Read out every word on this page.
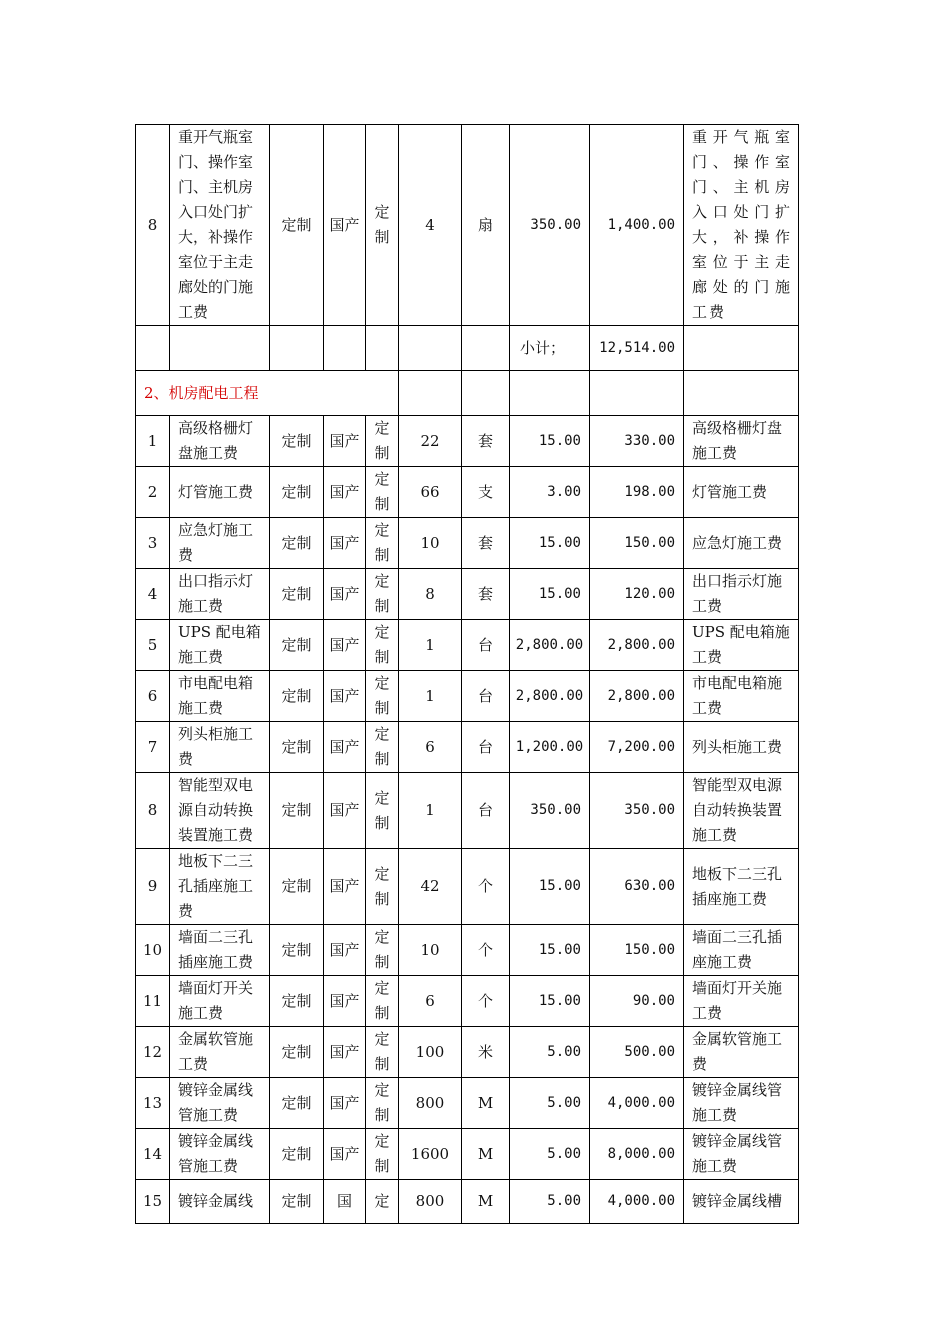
8	重开气瓶室门、操作室门、主机房入口处门扩大，补操作室位于主走廊处的门施工费	定制	国产	定制	4	扇	350.00	1,400.00	重开气瓶室门、操作室门、主机房入口处门扩大，补操作室位于主走廊处的门施工费
							小计；	12,514.00	
2、机房配电工程									
1	高级格栅灯盘施工费	定制	国产	定制	22	套	15.00	330.00	高级格栅灯盘施工费
2	灯管施工费	定制	国产	定制	66	支	3.00	198.00	灯管施工费
3	应急灯施工费	定制	国产	定制	10	套	15.00	150.00	应急灯施工费
4	出口指示灯施工费	定制	国产	定制	8	套	15.00	120.00	出口指示灯施工费
5	UPS 配电箱施工费	定制	国产	定制	1	台	2,800.00	2,800.00	UPS 配电箱施工费
6	市电配电箱施工费	定制	国产	定制	1	台	2,800.00	2,800.00	市电配电箱施工费
7	列头柜施工费	定制	国产	定制	6	台	1,200.00	7,200.00	列头柜施工费
8	智能型双电源自动转换装置施工费	定制	国产	定制	1	台	350.00	350.00	智能型双电源自动转换装置施工费
9	地板下二三孔插座施工费	定制	国产	定制	42	个	15.00	630.00	地板下二三孔插座施工费
10	墙面二三孔插座施工费	定制	国产	定制	10	个	15.00	150.00	墙面二三孔插座施工费
11	墙面灯开关施工费	定制	国产	定制	6	个	15.00	90.00	墙面灯开关施工费
12	金属软管施工费	定制	国产	定制	100	米	5.00	500.00	金属软管施工费
13	镀锌金属线管施工费	定制	国产	定制	800	M	5.00	4,000.00	镀锌金属线管施工费
14	镀锌金属线管施工费	定制	国产	定制	1600	M	5.00	8,000.00	镀锌金属线管施工费
15	镀锌金属线	定制	国	定	800	M	5.00	4,000.00	镀锌金属线槽
